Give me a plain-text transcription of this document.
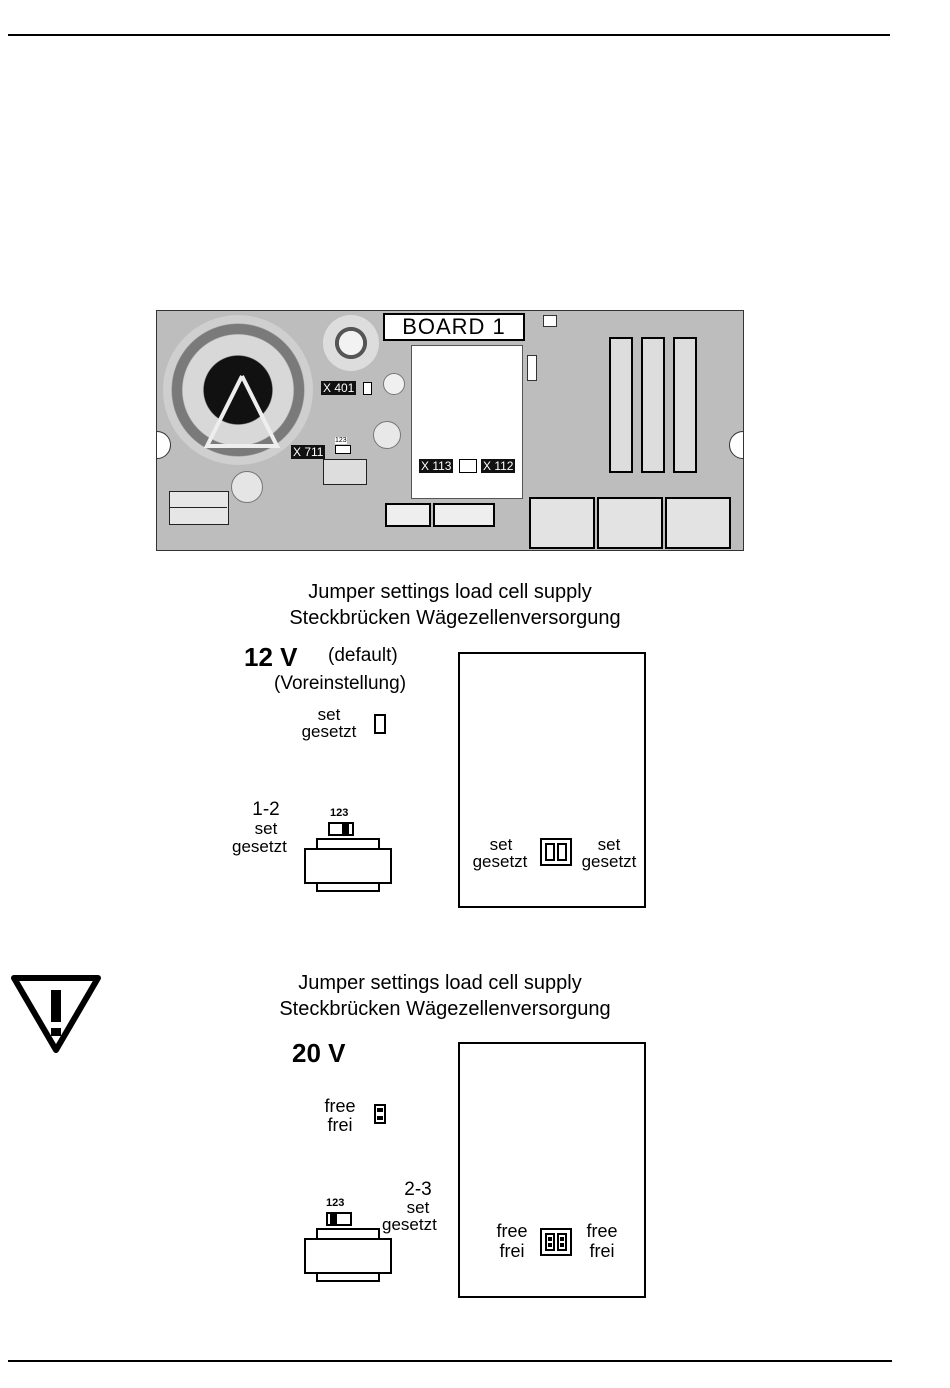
BOARD 1
X 401
X 711
123
X 113	X 112
Jumper settings load cell supply
Steckbrücken Wägezellenversorgung
12 V (default)
(Voreinstellung)
set
gesetzt
1-2
set
gesetzt
123
set
gesetzt
set
gesetzt
Jumper settings load cell supply
Steckbrücken Wägezellenversorgung
20 V
free
frei
2-3
set
gesetzt
123
free
frei
free
frei
